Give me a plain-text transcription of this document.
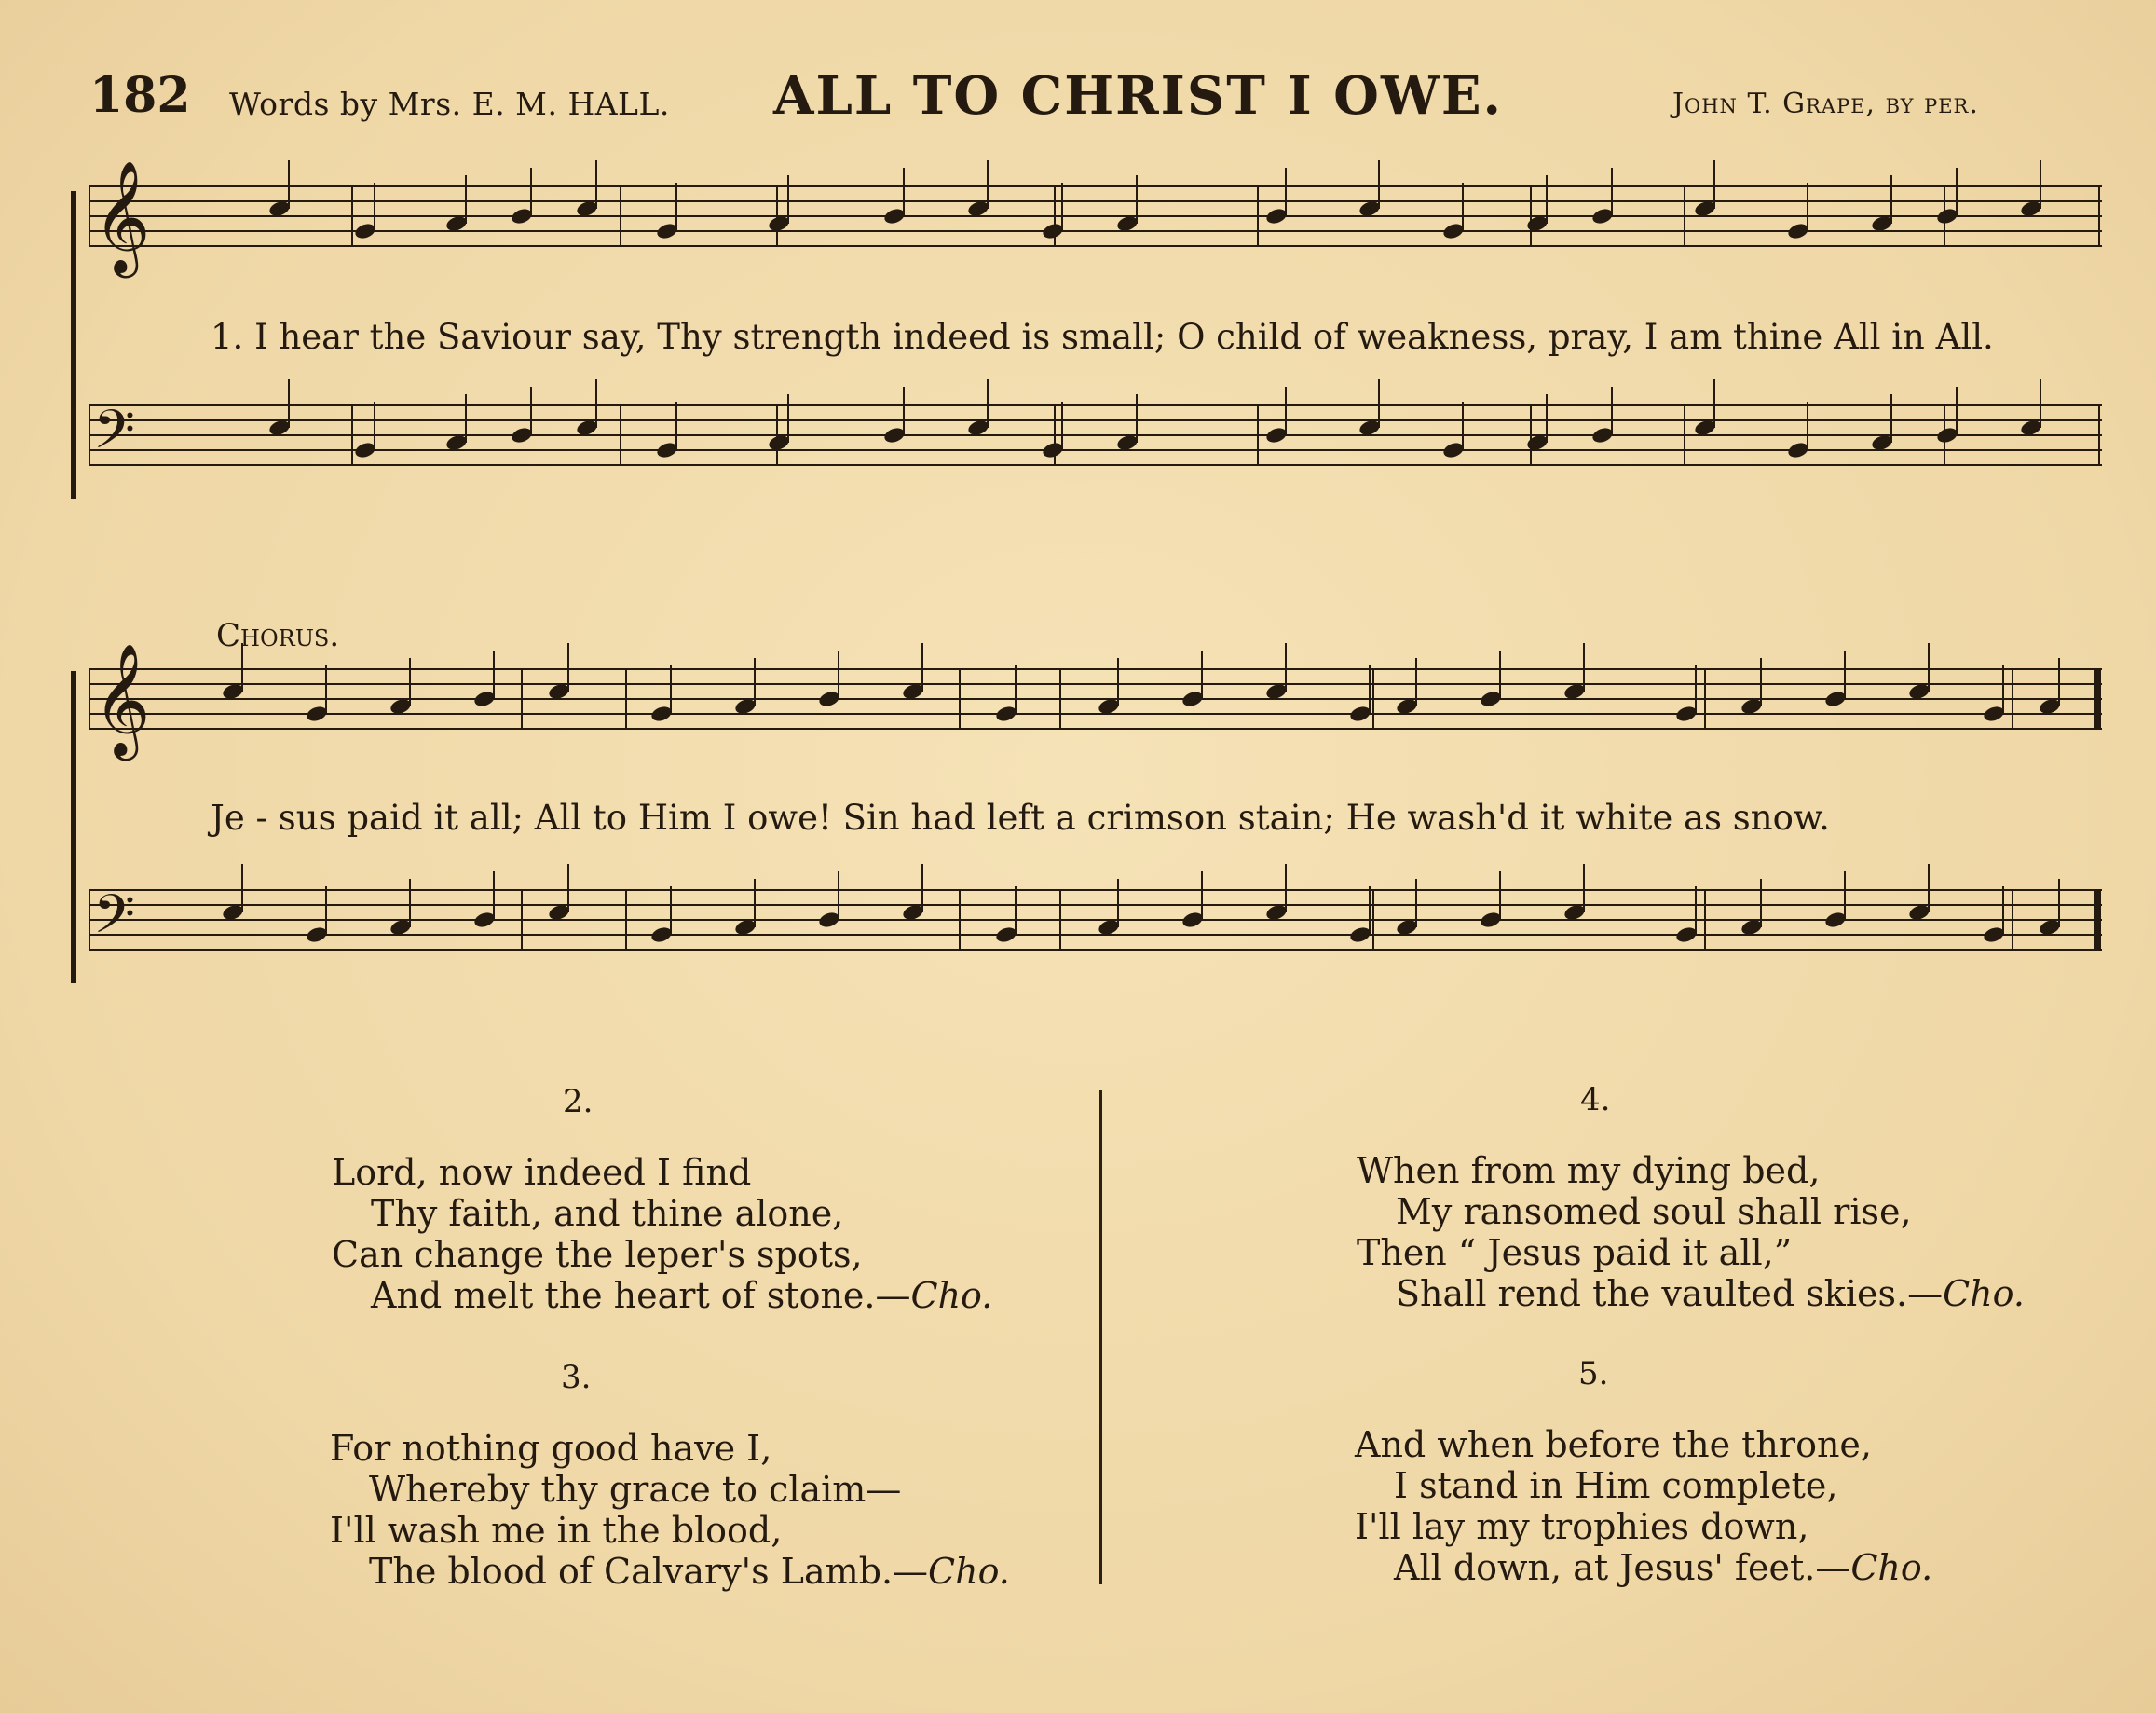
182 Words by Mrs. E. M. HALL. ALL TO CHRIST I OWE.	John T. Grape, by per.
𝄞
𝄢
𝄞
𝄢
1. I hear the Saviour say, Thy strength indeed is small; O child of weakness, pray, I am thine All in All.
Chorus.
Je - sus paid it all; All to Him I owe! Sin had left a crimson stain; He wash'd it white as snow.
2.
Lord, now indeed I find
Thy faith, and thine alone,
Can change the leper's spots,
And melt the heart of stone.—Cho.
3.
For nothing good have I,
Whereby thy grace to claim—
I'll wash me in the blood,
The blood of Calvary's Lamb.—Cho.
4.
When from my dying bed,
My ransomed soul shall rise,
Then “ Jesus paid it all,”
Shall rend the vaulted skies.—Cho.
5.
And when before the throne,
I stand in Him complete,
I'll lay my trophies down,
All down, at Jesus' feet.—Cho.
